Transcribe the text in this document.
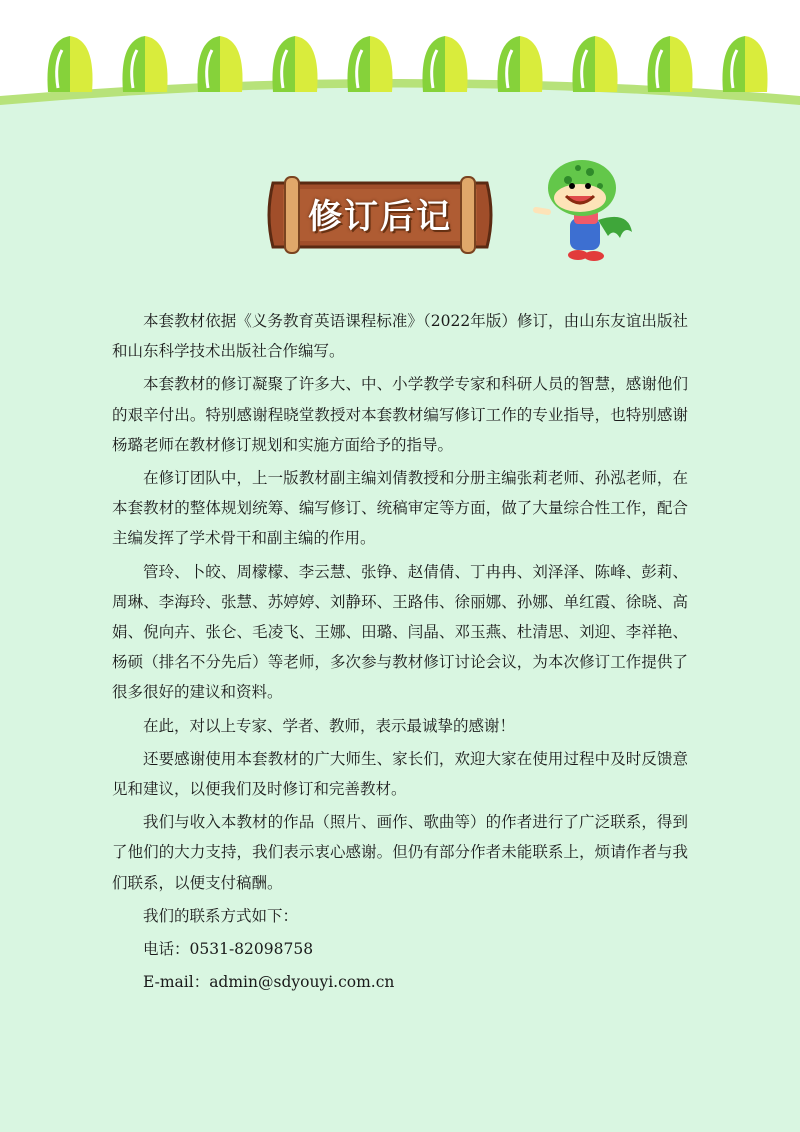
修订后记

本套教材依据《义务教育英语课程标准》（2022年版）修订，由山东友谊出版社和山东科学技术出版社合作编写。

本套教材的修订凝聚了许多大、中、小学教学专家和科研人员的智慧，感谢他们的艰辛付出。特别感谢程晓堂教授对本套教材编写修订工作的专业指导，也特别感谢杨璐老师在教材修订规划和实施方面给予的指导。

在修订团队中，上一版教材副主编刘倩教授和分册主编张莉老师、孙泓老师，在本套教材的整体规划统筹、编写修订、统稿审定等方面，做了大量综合性工作，配合主编发挥了学术骨干和副主编的作用。

管玲、卜皎、周檬檬、李云慧、张铮、赵倩倩、丁冉冉、刘泽泽、陈峰、彭莉、周琳、李海玲、张慧、苏婷婷、刘静环、王路伟、徐丽娜、孙娜、单红霞、徐晓、高娟、倪向卉、张仑、毛凌飞、王娜、田璐、闫晶、邓玉燕、杜清思、刘迎、李祥艳、杨硕（排名不分先后）等老师，多次参与教材修订讨论会议，为本次修订工作提供了很多很好的建议和资料。

在此，对以上专家、学者、教师，表示最诚挚的感谢！

还要感谢使用本套教材的广大师生、家长们，欢迎大家在使用过程中及时反馈意见和建议，以便我们及时修订和完善教材。

我们与收入本教材的作品（照片、画作、歌曲等）的作者进行了广泛联系，得到了他们的大力支持，我们表示衷心感谢。但仍有部分作者未能联系上，烦请作者与我们联系，以便支付稿酬。

我们的联系方式如下：
电话：0531-82098758
E-mail：admin@sdyouyi.com.cn
